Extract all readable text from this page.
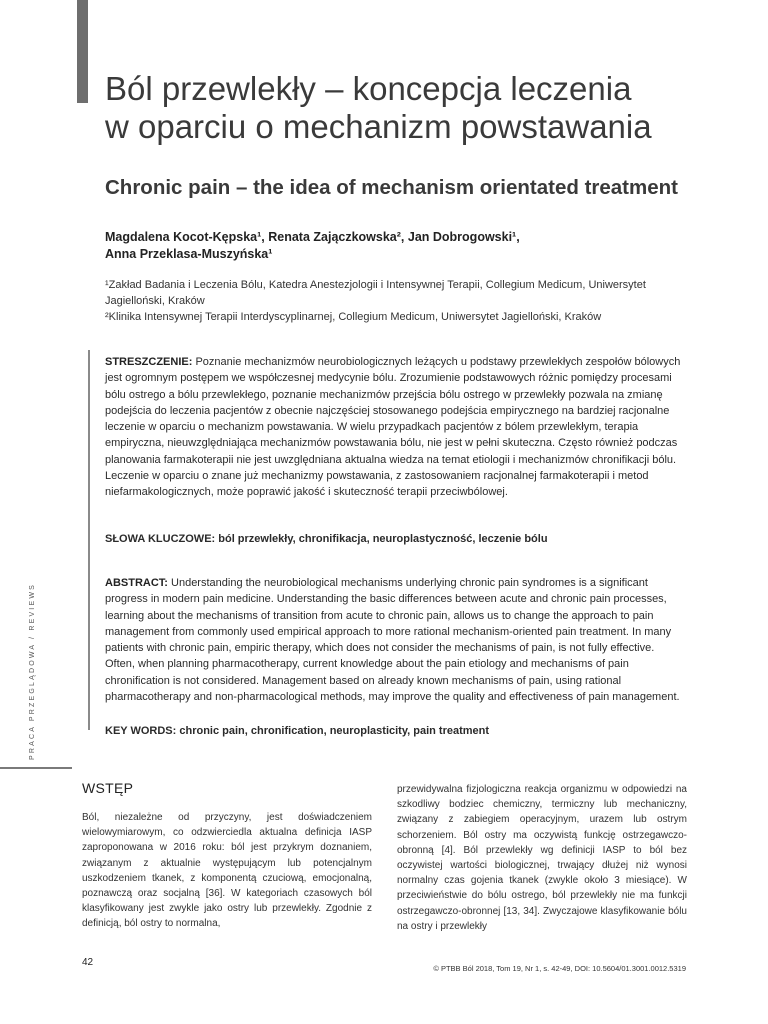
PRACA PRZEGLĄDOWA / REVIEWS
Ból przewlekły – koncepcja leczenia
w oparciu o mechanizm powstawania
Chronic pain – the idea of mechanism orientated treatment
Magdalena Kocot-Kępska¹, Renata Zajączkowska², Jan Dobrogowski¹,
Anna Przeklasa-Muszyńska¹
¹Zakład Badania i Leczenia Bólu, Katedra Anestezjologii i Intensywnej Terapii, Collegium Medicum, Uniwersytet
Jagielloński, Kraków
²Klinika Intensywnej Terapii Interdyscyplinarnej, Collegium Medicum, Uniwersytet Jagielloński, Kraków

STRESZCZENIE: Poznanie mechanizmów neurobiologicznych leżących u podstawy przewlekłych zespołów bólowych jest ogromnym postępem we współczesnej medycynie bólu. Zrozumienie podstawowych różnic pomiędzy procesami bólu ostrego a bólu przewlekłego, poznanie mechanizmów przejścia bólu ostrego w przewlekły pozwala na zmianę podejścia do leczenia pacjentów z obecnie najczęściej stosowanego podejścia empirycznego na bardziej racjonalne leczenie w oparciu o mechanizm powstawania. W wielu przypadkach pacjentów z bólem przewlekłym, terapia empiryczna, nieuwzględniająca mechanizmów powstawania bólu, nie jest w pełni skuteczna. Często również podczas planowania farmakoterapii nie jest uwzględniana aktualna wiedza na temat etiologii i mechanizmów chronifikacji bólu. Leczenie w oparciu o znane już mechanizmy powstawania, z zastosowaniem racjonalnej farmakoterapii i metod niefarmakologicznych, może poprawić jakość i skuteczność terapii przeciwbólowej.

SŁOWA KLUCZOWE: ból przewlekły, chronifikacja, neuroplastyczność, leczenie bólu

ABSTRACT: Understanding the neurobiological mechanisms underlying chronic pain syndromes is a significant progress in modern pain medicine. Understanding the basic differences between acute and chronic pain processes, learning about the mechanisms of transition from acute to chronic pain, allows us to change the approach to pain management from commonly used empirical approach to more rational mechanism-oriented pain treatment. In many patients with chronic pain, empiric therapy, which does not consider the mechanisms of pain, is not fully effective. Often, when planning pharmacotherapy, current knowledge about the pain etiology and mechanisms of pain chronification is not considered. Management based on already known mechanisms of pain, using rational pharmacotherapy and non-pharmacological methods, may improve the quality and effectiveness of pain management.

KEY WORDS: chronic pain, chronification, neuroplasticity, pain treatment

WSTĘP
Ból, niezależne od przyczyny, jest doświadczeniem wielowymiarowym, co odzwierciedla aktualna definicja IASP zaproponowana w 2016 roku: ból jest przykrym doznaniem, związanym z aktualnie występującym lub potencjalnym uszkodzeniem tkanek, z komponentą czuciową, emocjonalną, poznawczą oraz socjalną [36]. W kategoriach czasowych ból klasyfikowany jest zwykle jako ostry lub przewlekły. Zgodnie z definicją, ból ostry to normalna,
przewidywalna fizjologiczna reakcja organizmu w odpowiedzi na szkodliwy bodziec chemiczny, termiczny lub mechaniczny, związany z zabiegiem operacyjnym, urazem lub ostrym schorzeniem. Ból ostry ma oczywistą funkcję ostrzegawczo-obronną [4]. Ból przewlekły wg definicji IASP to ból bez oczywistej wartości biologicznej, trwający dłużej niż wynosi normalny czas gojenia tkanek (zwykle około 3 miesiące). W przeciwieństwie do bólu ostrego, ból przewlekły nie ma funkcji ostrzegawczo-obronnej [13, 34]. Zwyczajowe klasyfikowanie bólu na ostry i przewlekły
42
© PTBB Ból 2018, Tom 19, Nr 1, s. 42-49, DOI: 10.5604/01.3001.0012.5319
